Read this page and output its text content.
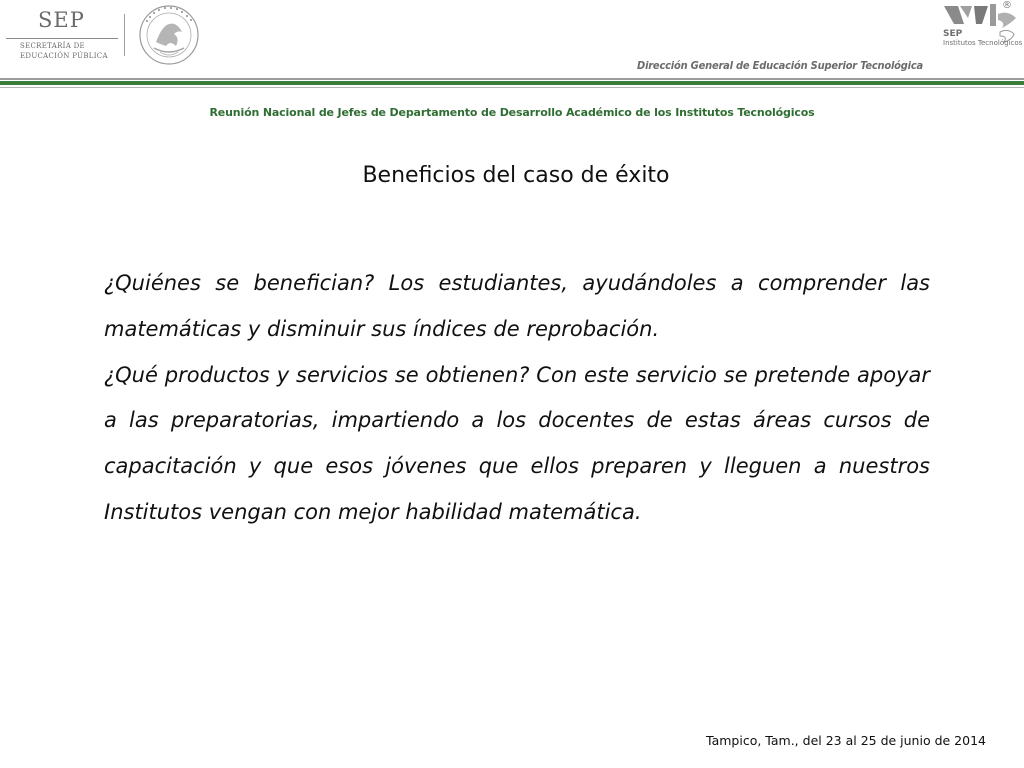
SEP
SECRETARÍA DE
EDUCACIÓN PÚBLICA
®
SEP
Institutos Tecnológicos
Dirección General de Educación Superior Tecnológica
Reunión Nacional de Jefes de Departamento de Desarrollo Académico de los Institutos Tecnológicos
Beneficios del caso de éxito

¿Quiénes se benefician? Los estudiantes, ayudándoles a comprender las matemáticas y disminuir sus índices de reprobación.

¿Qué productos y servicios se obtienen? Con este servicio se pretende apoyar a las preparatorias, impartiendo a los docentes de estas áreas cursos de capacitación y que esos jóvenes que ellos preparen y lleguen a nuestros Institutos vengan con mejor habilidad matemática.

Tampico, Tam., del 23 al 25 de junio de 2014
